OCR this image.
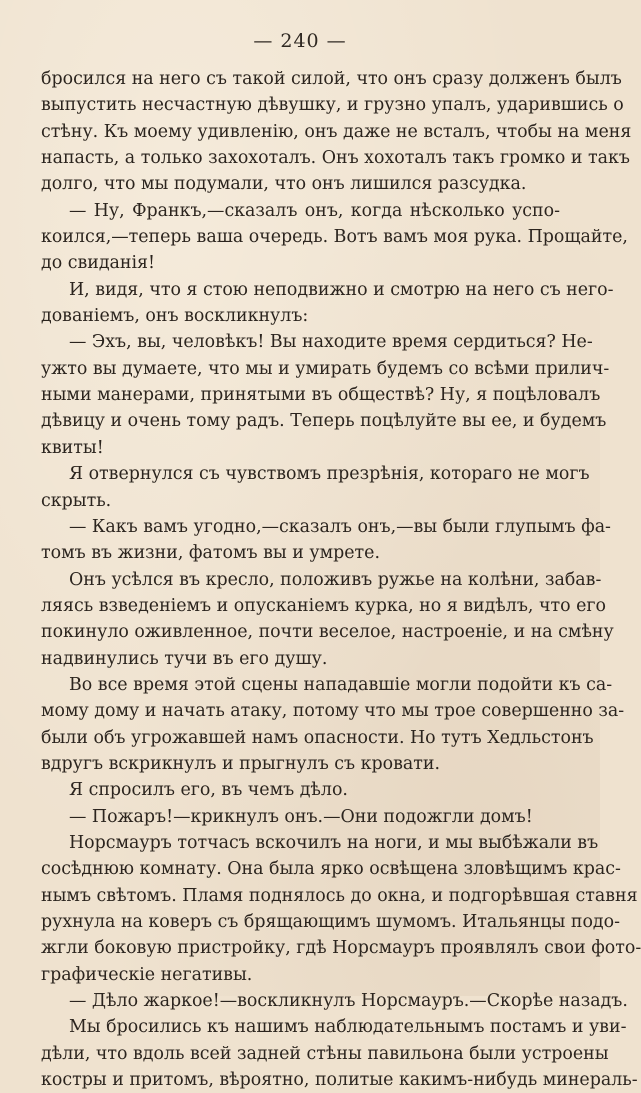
— 240 —
бросился на него съ такой силой, что онъ сразу долженъ былъ
выпустить несчастную дѣвушку, и грузно упалъ, ударившись о
стѣну. Къ моему удивленію, онъ даже не всталъ, чтобы на меня
напасть, а только захохоталъ. Онъ хохоталъ такъ громко и такъ
долго, что мы подумали, что онъ лишился разсудка.
— Ну, Франкъ,—сказалъ онъ, когда нѣсколько успо-
коился,—теперь ваша очередь. Вотъ вамъ моя рука. Прощайте,
до свиданія!
И, видя, что я стою неподвижно и смотрю на него съ него-
дованіемъ, онъ воскликнулъ:
— Эхъ, вы, человѣкъ! Вы находите время сердиться? Не-
ужто вы думаете, что мы и умирать будемъ со всѣми прилич-
ными манерами, принятыми въ обществѣ? Ну, я поцѣловалъ
дѣвицу и очень тому радъ. Теперь поцѣлуйте вы ее, и будемъ
квиты!
Я отвернулся съ чувствомъ презрѣнія, котораго не могъ
скрыть.
— Какъ вамъ угодно,—сказалъ онъ,—вы были глупымъ фа-
томъ въ жизни, фатомъ вы и умрете.
Онъ усѣлся въ кресло, положивъ ружье на колѣни, забав-
ляясь взведеніемъ и опусканіемъ курка, но я видѣлъ, что его
покинуло оживленное, почти веселое, настроеніе, и на смѣну
надвинулись тучи въ его душу.
Во все время этой сцены нападавшіе могли подойти къ са-
мому дому и начать атаку, потому что мы трое совершенно за-
были объ угрожавшей намъ опасности. Но тутъ Хедльстонъ
вдругъ вскрикнулъ и прыгнулъ съ кровати.
Я спросилъ его, въ чемъ дѣло.
— Пожаръ!—крикнулъ онъ.—Они подожгли домъ!
Норсмауръ тотчасъ вскочилъ на ноги, и мы выбѣжали въ
сосѣднюю комнату. Она была ярко освѣщена зловѣщимъ крас-
нымъ свѣтомъ. Пламя поднялось до окна, и подгорѣвшая ставня
рухнула на коверъ съ брящающимъ шумомъ. Итальянцы подо-
жгли боковую пристройку, гдѣ Норсмауръ проявлялъ свои фото-
графическіе негативы.
— Дѣло жаркое!—воскликнулъ Норсмауръ.—Скорѣе назадъ.
Мы бросились къ нашимъ наблюдательнымъ постамъ и уви-
дѣли, что вдоль всей задней стѣны павильона были устроены
костры и притомъ, вѣроятно, политые какимъ-нибудь минераль-
